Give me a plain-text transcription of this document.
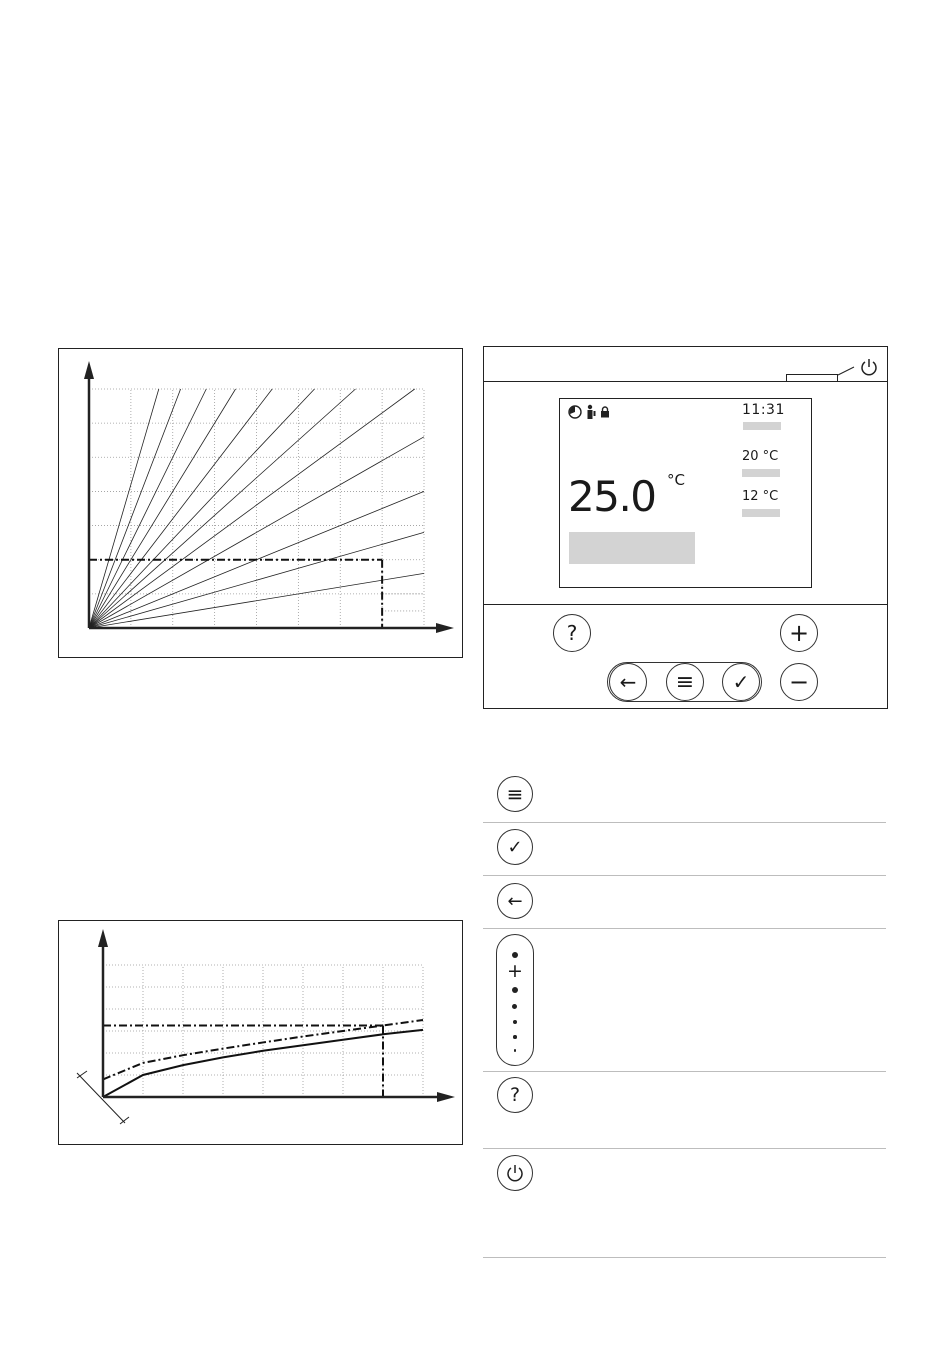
11:31
20 °C
12 °C
25.0 °C
?	+
−
← ≡ ✓
≡
✓
←
+
?
